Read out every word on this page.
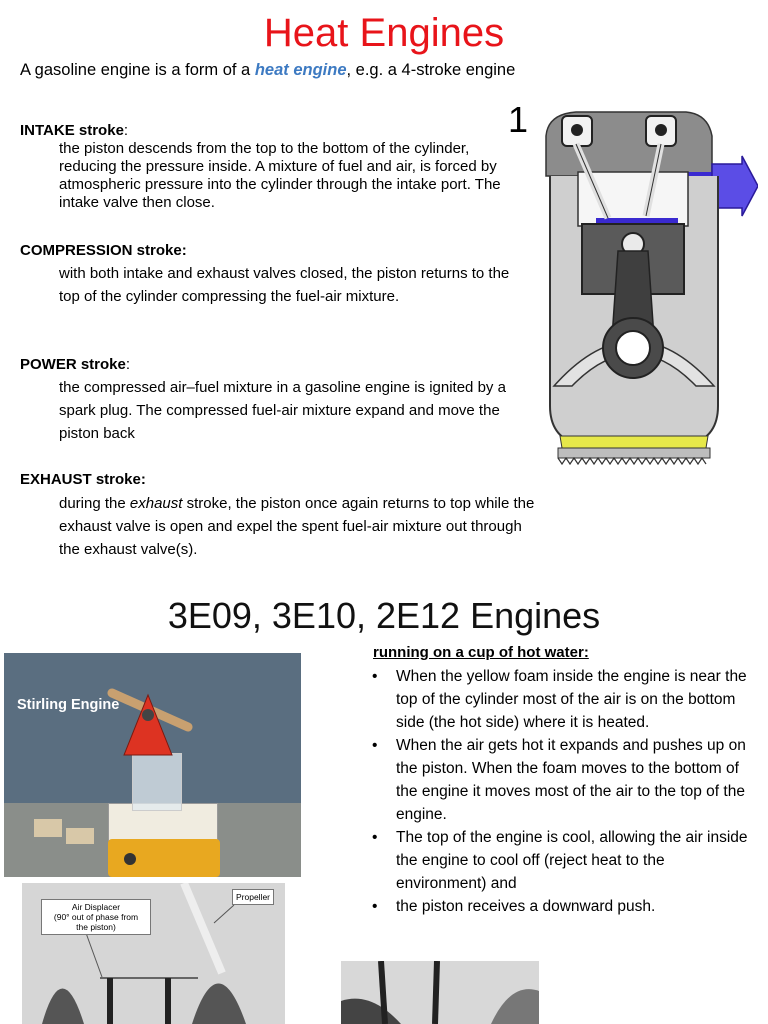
Heat Engines
A gasoline engine is a form of a heat engine, e.g. a 4-stroke engine
INTAKE stroke:
the piston descends from the top to the bottom of the cylinder, reducing the pressure inside. A mixture of fuel and air, is forced by atmospheric pressure into the cylinder through the intake port. The intake valve then close.
COMPRESSION stroke:
with both intake and exhaust valves closed, the piston returns to the top of the cylinder compressing the fuel-air mixture.
POWER stroke:
the compressed air–fuel mixture in a gasoline engine is ignited by a spark plug. The compressed fuel-air mixture expand and move the piston back
EXHAUST stroke:
during the exhaust stroke, the piston once again returns to top while the exhaust valve is open and expel the spent fuel-air mixture out through the exhaust valve(s).
1
3E09, 3E10, 2E12 Engines
Stirling Engine
Air Displacer
(90° out of phase from
the piston)
Propeller
running on a cup of hot water:
• When the yellow foam inside the engine is near the top of the cylinder most of the air is on the bottom side (the hot side) where it is heated.
• When the air gets hot it expands and pushes up on the piston. When the foam moves to the bottom of the engine it moves most of the air to the top of the engine.
• The top of the engine is cool, allowing the air inside the engine to cool off (reject heat to the environment) and
• the piston receives a downward push.
